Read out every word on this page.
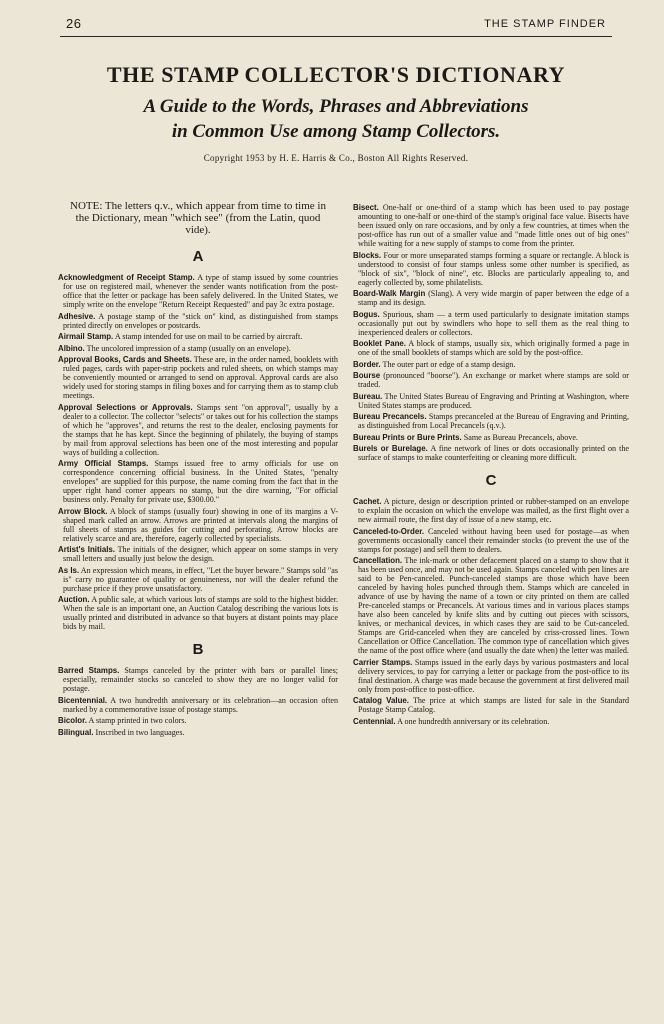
26	THE STAMP FINDER
THE STAMP COLLECTOR'S DICTIONARY
A Guide to the Words, Phrases and Abbreviations
in Common Use among Stamp Collectors.
Copyright 1953 by H. E. Harris & Co., Boston All Rights Reserved.

NOTE: The letters q.v., which appear from time to time in the Dictionary, mean "which see" (from the Latin, quod vide).

A

Acknowledgment of Receipt Stamp. A type of stamp issued by some countries for use on registered mail, whenever the sender wants notification from the post-office that the letter or package has been safely delivered. In the United States, we simply write on the envelope "Return Receipt Requested" and pay 3c extra postage.

Adhesive. A postage stamp of the "stick on" kind, as distinguished from stamps printed directly on envelopes or postcards.

Airmail Stamp. A stamp intended for use on mail to be carried by aircraft.

Albino. The uncolored impression of a stamp (usually on an envelope).

Approval Books, Cards and Sheets. These are, in the order named, booklets with ruled pages, cards with paper-strip pockets and ruled sheets, on which stamps may be conveniently mounted or arranged to send on approval. Approval cards are also widely used for storing stamps in filing boxes and for carrying them as to stamp club meetings.

Approval Selections or Approvals. Stamps sent "on approval", usually by a dealer to a collector. The collector "selects" or takes out for his collection the stamps of which he "approves", and returns the rest to the dealer, enclosing payments for the stamps that he has kept. Since the beginning of philately, the buying of stamps by mail from approval selections has been one of the most interesting and popular ways of building a collection.

Army Official Stamps. Stamps issued free to army officials for use on correspondence concerning official business. In the United States, "penalty envelopes" are supplied for this purpose, the name coming from the fact that in the upper right hand corner appears no stamp, but the dire warning, "For official business only. Penalty for private use, $300.00."

Arrow Block. A block of stamps (usually four) showing in one of its margins a V-shaped mark called an arrow. Arrows are printed at intervals along the margins of full sheets of stamps as guides for cutting and perforating. Arrow blocks are relatively scarce and are, therefore, eagerly collected by specialists.

Artist's Initials. The initials of the designer, which appear on some stamps in very small letters and usually just below the design.

As Is. An expression which means, in effect, "Let the buyer beware." Stamps sold "as is" carry no guarantee of quality or genuineness, nor will the dealer refund the purchase price if they prove unsatisfactory.

Auction. A public sale, at which various lots of stamps are sold to the highest bidder. When the sale is an important one, an Auction Catalog describing the various lots is usually printed and distributed in advance so that buyers at distant points may place bids by mail.

B

Barred Stamps. Stamps canceled by the printer with bars or parallel lines; especially, remainder stocks so canceled to show they are no longer valid for postage.

Bicentennial. A two hundredth anniversary or its celebration—an occasion often marked by a commemorative issue of postage stamps.

Bicolor. A stamp printed in two colors.

Bilingual. Inscribed in two languages.

Bisect. One-half or one-third of a stamp which has been used to pay postage amounting to one-half or one-third of the stamp's original face value. Bisects have been issued only on rare occasions, and by only a few countries, at times when the post-office has run out of a smaller value and "made little ones out of big ones" while waiting for a new supply of stamps to come from the printer.

Blocks. Four or more unseparated stamps forming a square or rectangle. A block is understood to consist of four stamps unless some other number is specified, as "block of six", "block of nine", etc. Blocks are particularly appealing to, and eagerly collected by, some philatelists.

Board-Walk Margin (Slang). A very wide margin of paper between the edge of a stamp and its design.

Bogus. Spurious, sham — a term used particularly to designate imitation stamps occasionally put out by swindlers who hope to sell them as the real thing to inexperienced dealers or collectors.

Booklet Pane. A block of stamps, usually six, which originally formed a page in one of the small booklets of stamps which are sold by the post-office.

Border. The outer part or edge of a stamp design.

Bourse (pronounced "boorse"). An exchange or market where stamps are sold or traded.

Bureau. The United States Bureau of Engraving and Printing at Washington, where United States stamps are produced.

Bureau Precancels. Stamps precanceled at the Bureau of Engraving and Printing, as distinguished from Local Precancels (q.v.).

Bureau Prints or Bure Prints. Same as Bureau Precancels, above.

Burels or Burelage. A fine network of lines or dots occasionally printed on the surface of stamps to make counterfeiting or cleaning more difficult.

C

Cachet. A picture, design or description printed or rubber-stamped on an envelope to explain the occasion on which the envelope was mailed, as the first flight over a new airmail route, the first day of issue of a new stamp, etc.

Canceled-to-Order. Canceled without having been used for postage—as when governments occasionally cancel their remainder stocks (to prevent the use of the stamps for postage) and sell them to dealers.

Cancellation. The ink-mark or other defacement placed on a stamp to show that it has been used once, and may not be used again. Stamps canceled with pen lines are said to be Pen-canceled. Punch-canceled stamps are those which have been canceled by having holes punched through them. Stamps which are canceled in advance of use by having the name of a town or city printed on them are called Pre-canceled stamps or Precancels. At various times and in various places stamps have also been canceled by knife slits and by cutting out pieces with scissors, knives, or mechanical devices, in which cases they are said to be Cut-canceled. Stamps are Grid-canceled when they are canceled by criss-crossed lines. Town Cancellation or Office Cancellation. The common type of cancellation which gives the name of the post office where (and usually the date when) the letter was mailed.

Carrier Stamps. Stamps issued in the early days by various postmasters and local delivery services, to pay for carrying a letter or package from the post-office to its final destination. A charge was made because the government at first delivered mail only from post-office to post-office.

Catalog Value. The price at which stamps are listed for sale in the Standard Postage Stamp Catalog.

Centennial. A one hundredth anniversary or its celebration.
